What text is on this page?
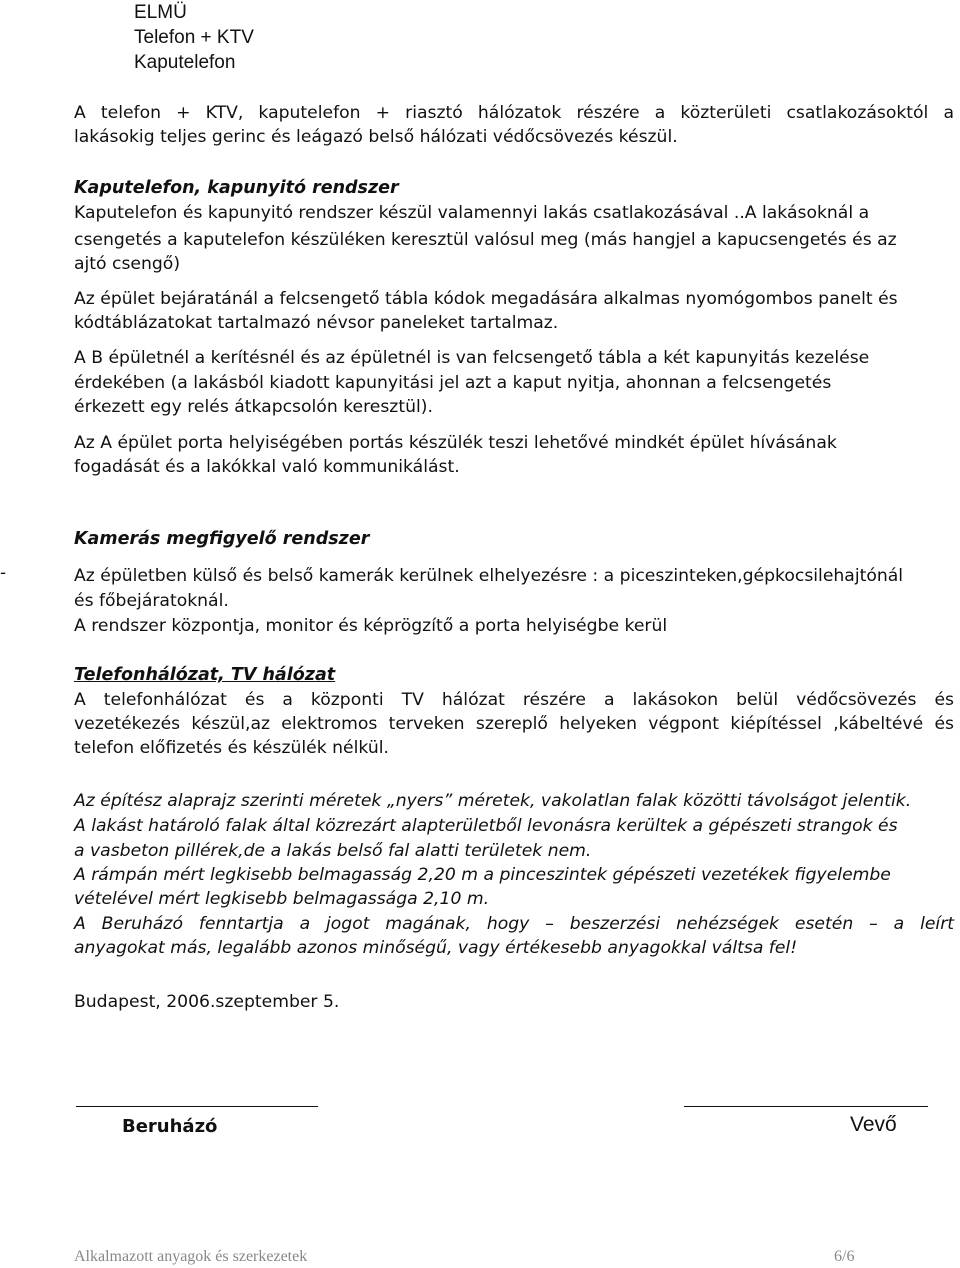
ELMÜ
Telefon + KTV
Kaputelefon
A telefon + KTV, kaputelefon + riasztó hálózatok részére a közterületi csatlakozásoktól a
lakásokig teljes gerinc és leágazó belső hálózati védőcsövezés készül.
Kaputelefon, kapunyitó rendszer
Kaputelefon és kapunyitó rendszer készül valamennyi lakás csatlakozásával ..A lakásoknál a
csengetés a kaputelefon készüléken keresztül valósul meg (más hangjel a kapucsengetés és az
ajtó csengő)
Az épület bejáratánál a felcsengető tábla kódok megadására alkalmas nyomógombos panelt és
kódtáblázatokat tartalmazó névsor paneleket tartalmaz.
A B épületnél a kerítésnél és az épületnél is van felcsengető tábla a két kapunyitás kezelése
érdekében (a lakásból kiadott kapunyitási jel azt a kaput nyitja, ahonnan a felcsengetés
érkezett egy relés átkapcsolón keresztül).
Az A épület porta helyiségében portás készülék teszi lehetővé mindkét épület hívásának
fogadását és a lakókkal való kommunikálást.
Kamerás megfigyelő rendszer
-	Az épületben külső és belső kamerák kerülnek elhelyezésre : a piceszinteken,gépkocsilehajtónál
és főbejáratoknál.
A rendszer központja, monitor és képrögzítő a porta helyiségbe kerül
Telefonhálózat, TV hálózat
A telefonhálózat és a központi TV hálózat részére a lakásokon belül védőcsövezés és
vezetékezés készül,az elektromos terveken szereplő helyeken végpont kiépítéssel ,kábeltévé és
telefon előfizetés és készülék nélkül.
Az építész alaprajz szerinti méretek „nyers” méretek, vakolatlan falak közötti távolságot jelentik.
A lakást határoló falak által közrezárt alapterületből levonásra kerültek a gépészeti strangok és
a vasbeton pillérek,de a lakás belső fal alatti területek nem.
A rámpán mért legkisebb belmagasság 2,20 m a pinceszintek gépészeti vezetékek figyelembe
vételével mért legkisebb belmagassága 2,10 m.
A Beruházó fenntartja a jogot magának, hogy – beszerzési nehézségek esetén – a leírt
anyagokat más, legalább azonos minőségű, vagy értékesebb anyagokkal váltsa fel!
Budapest, 2006.szeptember 5.
Beruházó	Vevő
Alkalmazott anyagok és szerkezetek	6/6
